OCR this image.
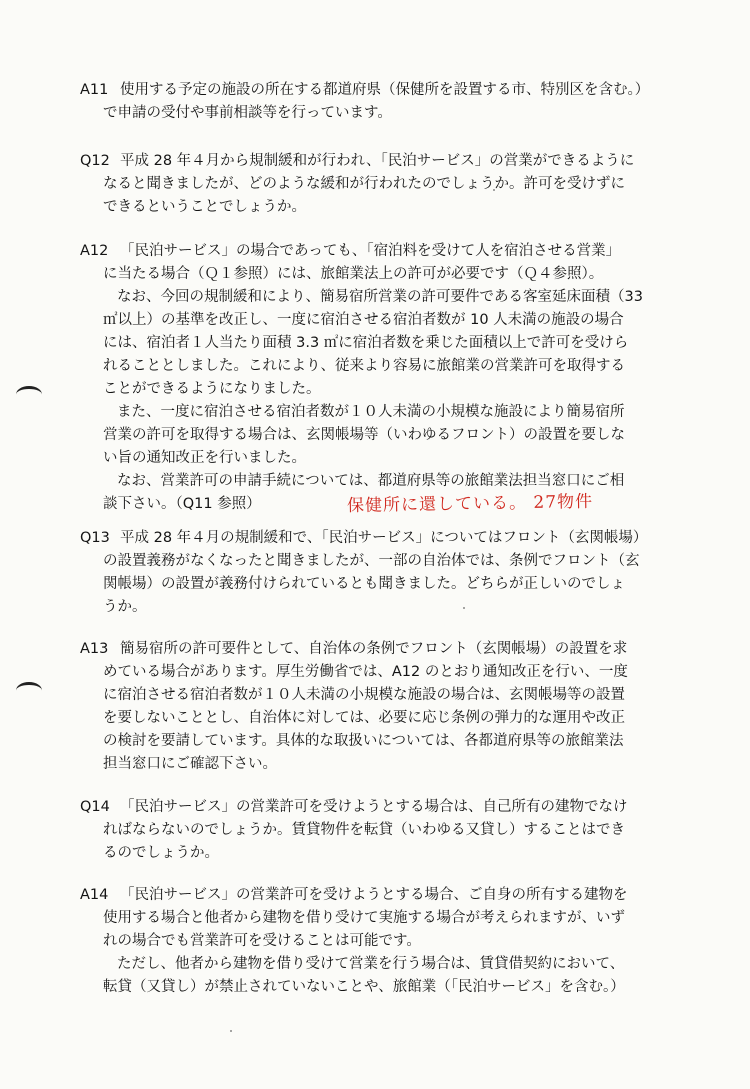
A11 使用する予定の施設の所在する都道府県（保健所を設置する市、特別区を含む。）
で申請の受付や事前相談等を行っています。
Q12 平成 28 年４月から規制緩和が行われ、「民泊サービス」の営業ができるように
なると聞きましたが、どのような緩和が行われたのでしょうか。許可を受けずに
できるということでしょうか。
A12 「民泊サービス」の場合であっても、「宿泊料を受けて人を宿泊させる営業」
に当たる場合（Ｑ１参照）には、旅館業法上の許可が必要です（Ｑ４参照）。
なお、今回の規制緩和により、簡易宿所営業の許可要件である客室延床面積（33
㎡以上）の基準を改正し、一度に宿泊させる宿泊者数が 10 人未満の施設の場合
には、宿泊者１人当たり面積 3.3 ㎡に宿泊者数を乗じた面積以上で許可を受けら
れることとしました。これにより、従来より容易に旅館業の営業許可を取得する
ことができるようになりました。
また、一度に宿泊させる宿泊者数が１０人未満の小規模な施設により簡易宿所
営業の許可を取得する場合は、玄関帳場等（いわゆるフロント）の設置を要しな
い旨の通知改正を行いました。
なお、営業許可の申請手続については、都道府県等の旅館業法担当窓口にご相
談下さい。（Q11 参照）	保健所に還している。 27物件
Q13 平成 28 年４月の規制緩和で、「民泊サービス」についてはフロント（玄関帳場）
の設置義務がなくなったと聞きましたが、一部の自治体では、条例でフロント（玄
関帳場）の設置が義務付けられているとも聞きました。どちらが正しいのでしょ
うか。
A13 簡易宿所の許可要件として、自治体の条例でフロント（玄関帳場）の設置を求
めている場合があります。厚生労働省では、A12 のとおり通知改正を行い、一度
に宿泊させる宿泊者数が１０人未満の小規模な施設の場合は、玄関帳場等の設置
を要しないこととし、自治体に対しては、必要に応じ条例の弾力的な運用や改正
の検討を要請しています。具体的な取扱いについては、各都道府県等の旅館業法
担当窓口にご確認下さい。
Q14 「民泊サービス」の営業許可を受けようとする場合は、自己所有の建物でなけ
ればならないのでしょうか。賃貸物件を転貸（いわゆる又貸し）することはでき
るのでしょうか。
A14 「民泊サービス」の営業許可を受けようとする場合、ご自身の所有する建物を
使用する場合と他者から建物を借り受けて実施する場合が考えられますが、いず
れの場合でも営業許可を受けることは可能です。
ただし、他者から建物を借り受けて営業を行う場合は、賃貸借契約において、
転貸（又貸し）が禁止されていないことや、旅館業（「民泊サービス」を含む。）
